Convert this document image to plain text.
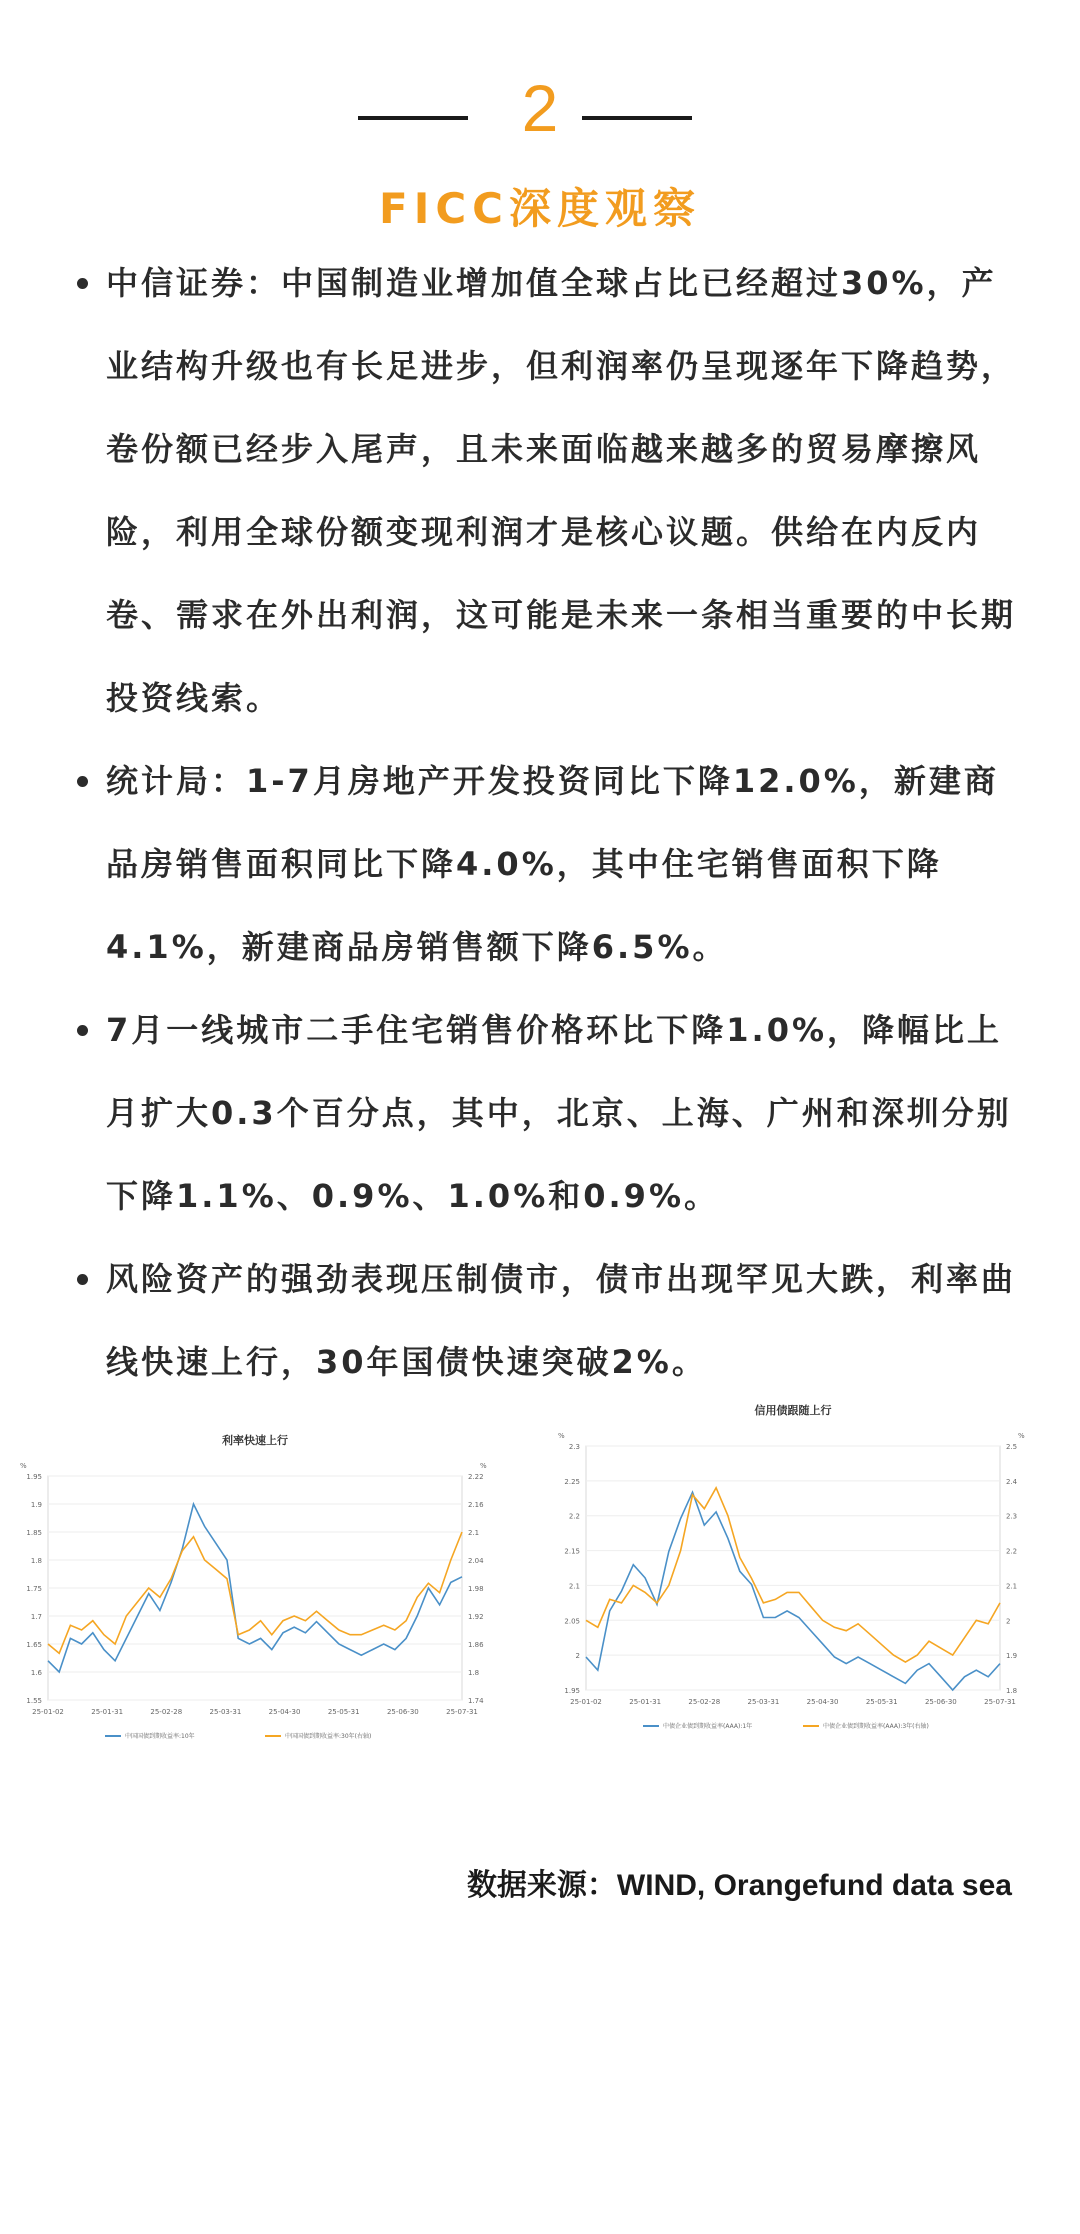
2
FICC深度观察
中信证券：中国制造业增加值全球占比已经超过30%，产业结构升级也有长足进步，但利润率仍呈现逐年下降趋势，卷份额已经步入尾声，且未来面临越来越多的贸易摩擦风险，利用全球份额变现利润才是核心议题。供给在内反内卷、需求在外出利润，这可能是未来一条相当重要的中长期投资线索。
统计局：1-7月房地产开发投资同比下降12.0%，新建商品房销售面积同比下降4.0%，其中住宅销售面积下降4.1%，新建商品房销售额下降6.5%。
7月一线城市二手住宅销售价格环比下降1.0%，降幅比上月扩大0.3个百分点，其中，北京、上海、广州和深圳分别下降1.1%、0.9%、1.0%和0.9%。
风险资产的强劲表现压制债市，债市出现罕见大跌，利率曲线快速上行，30年国债快速突破2%。
利率快速上行
%	%
1.95
1.9
1.85
1.8
1.75
1.7
1.65
1.6
1.55
2.22
2.16
2.1
2.04
1.98
1.92
1.86
1.8
1.74
25-01-02	25-01-31	25-02-28	25-03-31	25-04-30	25-05-31	25-06-30	25-07-31
中国国债到期收益率:10年	中国国债到期收益率:30年(右轴)
信用债跟随上行
%	%
2.3
2.25
2.2
2.15
2.1
2.05
2
1.95
2.5
2.4
2.3
2.2
2.1
2
1.9
1.8
25-01-02	25-01-31	25-02-28	25-03-31	25-04-30	25-05-31	25-06-30	25-07-31
中债企业债到期收益率(AAA):1年	中债企业债到期收益率(AAA):3年(右轴)
数据来源：WIND, Orangefund data sea
